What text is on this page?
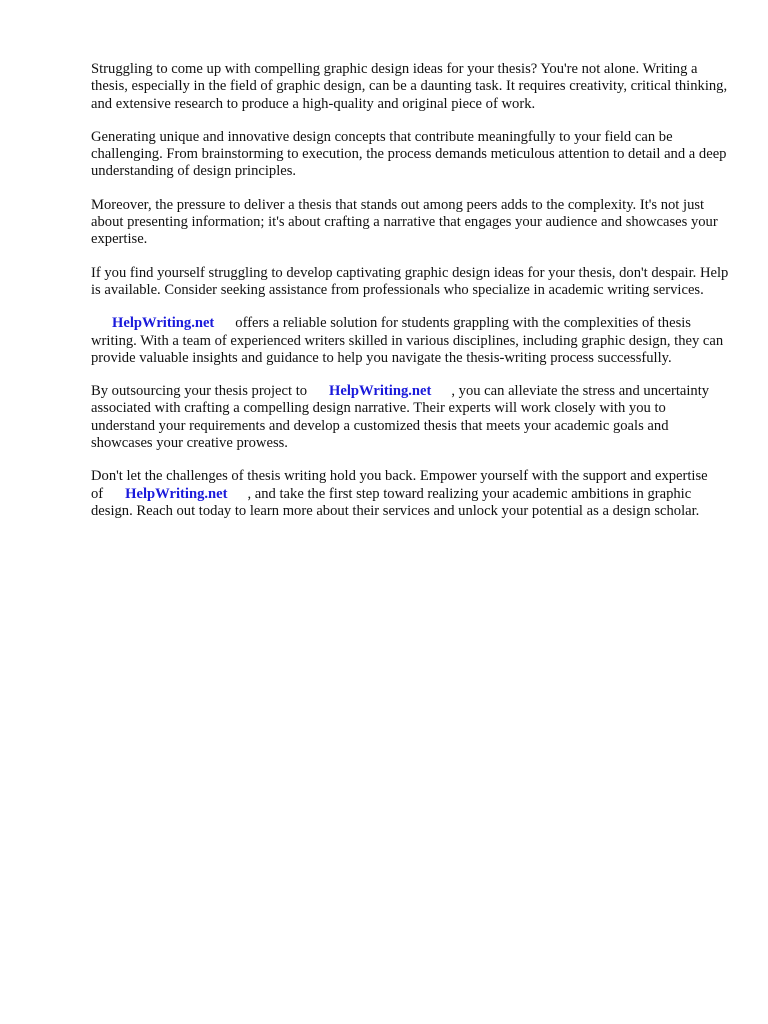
Struggling to come up with compelling graphic design ideas for your thesis? You're not alone. Writing a thesis, especially in the field of graphic design, can be a daunting task. It requires creativity, critical thinking, and extensive research to produce a high-quality and original piece of work.

Generating unique and innovative design concepts that contribute meaningfully to your field can be challenging. From brainstorming to execution, the process demands meticulous attention to detail and a deep understanding of design principles.

Moreover, the pressure to deliver a thesis that stands out among peers adds to the complexity. It's not just about presenting information; it's about crafting a narrative that engages your audience and showcases your expertise.

If you find yourself struggling to develop captivating graphic design ideas for your thesis, don't despair. Help is available. Consider seeking assistance from professionals who specialize in academic writing services.

HelpWriting.net offers a reliable solution for students grappling with the complexities of thesis writing. With a team of experienced writers skilled in various disciplines, including graphic design, they can provide valuable insights and guidance to help you navigate the thesis-writing process successfully.

By outsourcing your thesis project to HelpWriting.net , you can alleviate the stress and uncertainty associated with crafting a compelling design narrative. Their experts will work closely with you to understand your requirements and develop a customized thesis that meets your academic goals and showcases your creative prowess.

Don't let the challenges of thesis writing hold you back. Empower yourself with the support and expertise of HelpWriting.net , and take the first step toward realizing your academic ambitions in graphic design. Reach out today to learn more about their services and unlock your potential as a design scholar.
